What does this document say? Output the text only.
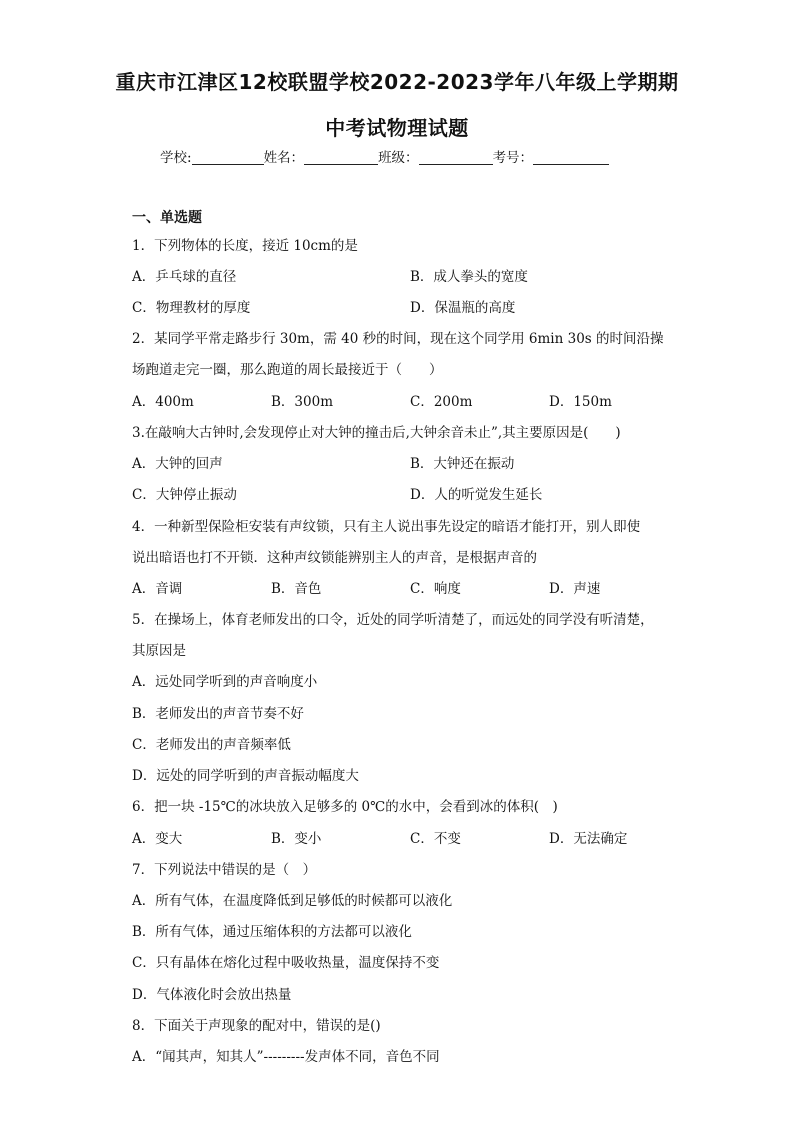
重庆市江津区12校联盟学校2022-2023学年八年级上学期期
中考试物理试题
学校:	姓名：	班级：	考号：
一、单选题
1．下列物体的长度，接近 10cm的是
A．乒乓球的直径	B．成人拳头的宽度
C．物理教材的厚度	D．保温瓶的高度
2．某同学平常走路步行 30m，需 40 秒的时间，现在这个同学用 6min 30s 的时间沿操
场跑道走完一圈，那么跑道的周长最接近于（　　）
A．400m	B．300m	C．200m	D．150m
3.在敲响大古钟时,会发现停止对大钟的撞击后,大钟余音未止”,其主要原因是(　　)
A．大钟的回声	B．大钟还在振动
C．大钟停止振动	D．人的听觉发生延长
4．一种新型保险柜安装有声纹锁，只有主人说出事先设定的暗语才能打开，别人即使
说出暗语也打不开锁．这种声纹锁能辨别主人的声音，是根据声音的
A．音调	B．音色	C．响度	D．声速
5．在操场上，体育老师发出的口令，近处的同学听清楚了，而远处的同学没有听清楚，
其原因是
A．远处同学听到的声音响度小
B．老师发出的声音节奏不好
C．老师发出的声音频率低
D．远处的同学听到的声音振动幅度大
6．把一块 -15℃的冰块放入足够多的 0℃的水中，会看到冰的体积(　)
A．变大	B．变小	C．不变	D．无法确定
7．下列说法中错误的是（　）
A．所有气体，在温度降低到足够低的时候都可以液化
B．所有气体，通过压缩体积的方法都可以液化
C．只有晶体在熔化过程中吸收热量，温度保持不变
D．气体液化时会放出热量
8．下面关于声现象的配对中，错误的是()
A．“闻其声，知其人”---------发声体不同，音色不同
